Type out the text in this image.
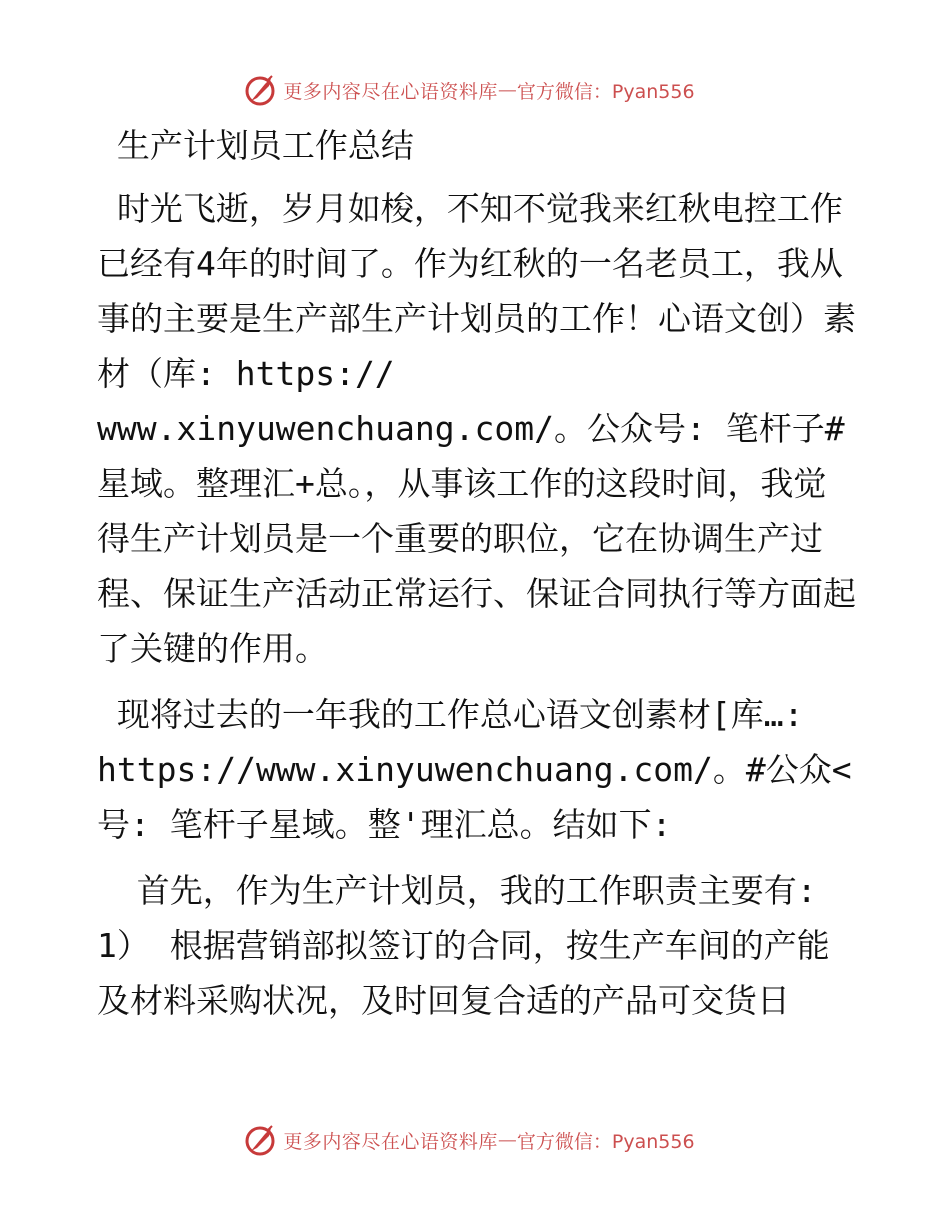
更多内容尽在心语资料库 — 官方微信：Pyan556

生产计划员工作总结

时光飞逝，岁月如梭，不知不觉我来红秋电控工作已经有4年的时间了。作为红秋的一名老员工，我从事的主要是生产部生产计划员的工作！心语文创）素材（库: https://
www.xinyuwenchuang.com/。公众号: 笔杆子#星域。整理汇+总。，从事该工作的这段时间，我觉得生产计划员是一个重要的职位，它在协调生产过程、保证生产活动正常运行、保证合同执行等方面起了关键的作用。

现将过去的一年我的工作总心语文创素材[库…:
https://www.xinyuwenchuang.com/。#公众<号: 笔杆子星域。整'理汇总。结如下:

首先，作为生产计划员，我的工作职责主要有:
1） 根据营销部拟签订的合同，按生产车间的产能及材料采购状况，及时回复合适的产品可交货日

更多内容尽在心语资料库 — 官方微信：Pyan556
